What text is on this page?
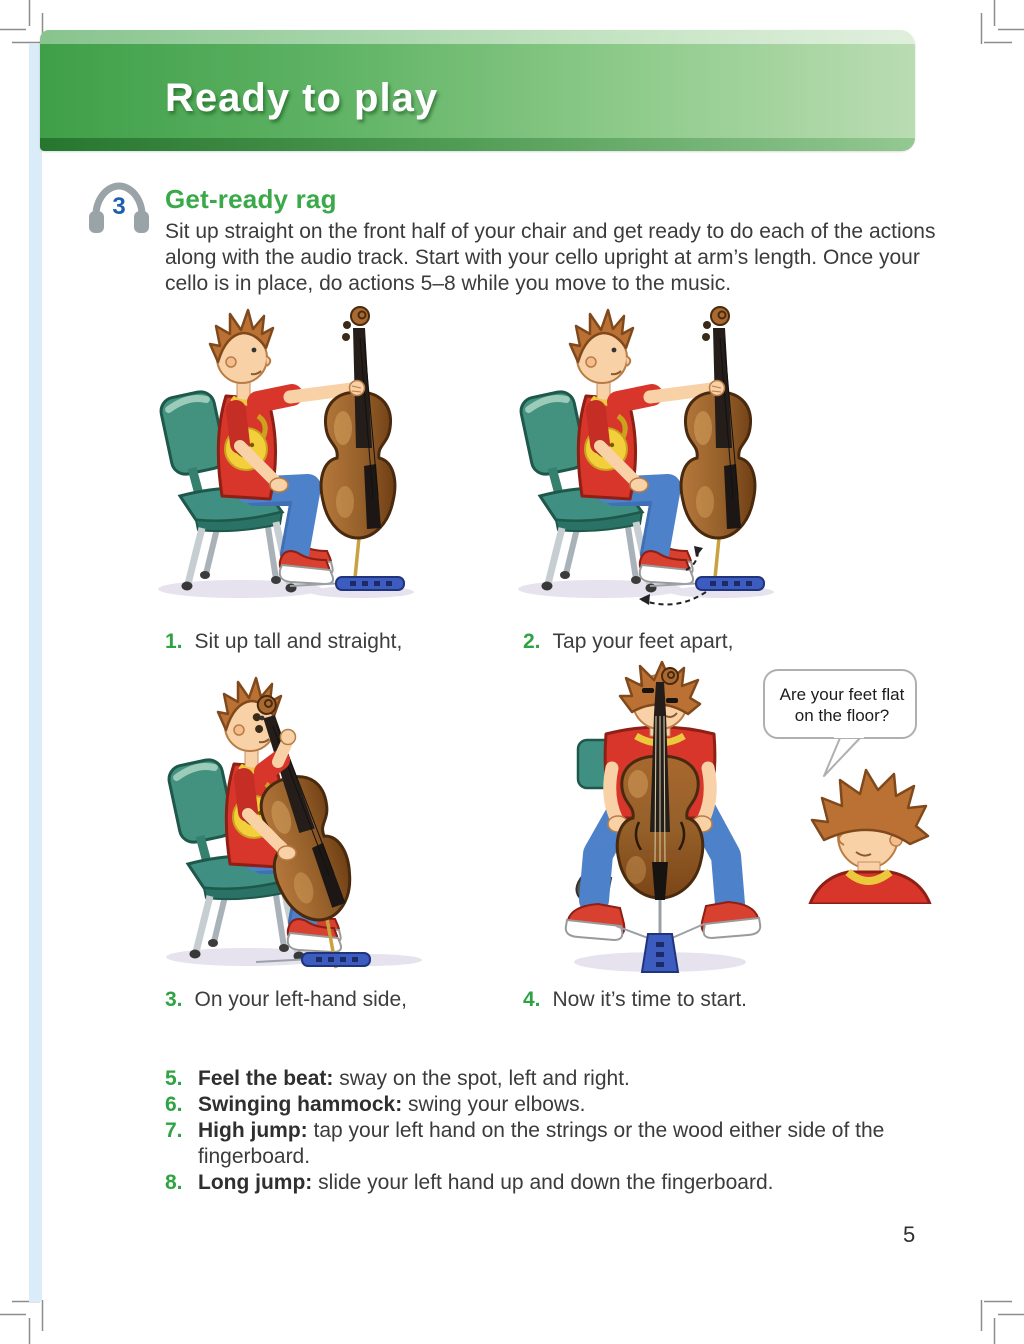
Ready to play
3 Get-ready rag
Sit up straight on the front half of your chair and get ready to do each of the actions along with the audio track. Start with your cello upright at arm’s length. Once your cello is in place, do actions 5–8 while you move to the music.
1. Sit up tall and straight,	2. Tap your feet apart,
Are your feet flat
on the floor?
3. On your left-hand side,	4. Now it’s time to start.
5. Feel the beat: sway on the spot, left and right.
6. Swinging hammock: swing your elbows.
7. High jump: tap your left hand on the strings or the wood either side of the fingerboard.
8. Long jump: slide your left hand up and down the fingerboard.
5
